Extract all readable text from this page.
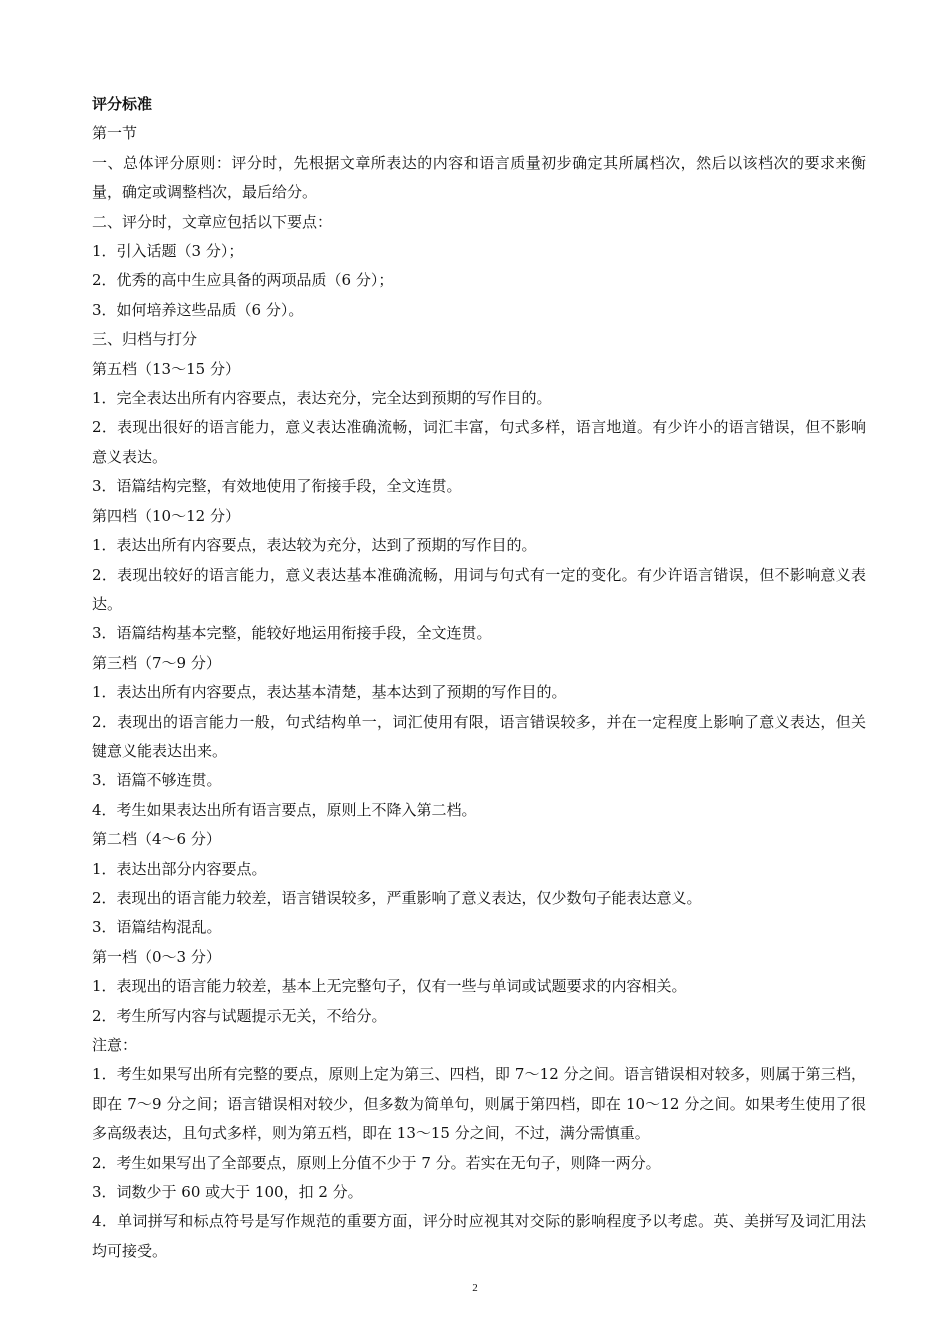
评分标准
第一节
一、总体评分原则：评分时，先根据文章所表达的内容和语言质量初步确定其所属档次，然后以该档次的要求来衡量，确定或调整档次，最后给分。
二、评分时，文章应包括以下要点：
1．引入话题（3 分）；
2．优秀的高中生应具备的两项品质（6 分）；
3．如何培养这些品质（6 分）。
三、归档与打分
第五档（13～15 分）
1．完全表达出所有内容要点，表达充分，完全达到预期的写作目的。
2．表现出很好的语言能力，意义表达准确流畅，词汇丰富，句式多样，语言地道。有少许小的语言错误，但不影响意义表达。
3．语篇结构完整，有效地使用了衔接手段，全文连贯。
第四档（10～12 分）
1．表达出所有内容要点，表达较为充分，达到了预期的写作目的。
2．表现出较好的语言能力，意义表达基本准确流畅，用词与句式有一定的变化。有少许语言错误，但不影响意义表达。
3．语篇结构基本完整，能较好地运用衔接手段，全文连贯。
第三档（7～9 分）
1．表达出所有内容要点，表达基本清楚，基本达到了预期的写作目的。
2．表现出的语言能力一般，句式结构单一，词汇使用有限，语言错误较多，并在一定程度上影响了意义表达，但关键意义能表达出来。
3．语篇不够连贯。
4．考生如果表达出所有语言要点，原则上不降入第二档。
第二档（4～6 分）
1．表达出部分内容要点。
2．表现出的语言能力较差，语言错误较多，严重影响了意义表达，仅少数句子能表达意义。
3．语篇结构混乱。
第一档（0～3 分）
1．表现出的语言能力较差，基本上无完整句子，仅有一些与单词或试题要求的内容相关。
2．考生所写内容与试题提示无关，不给分。
注意：
1．考生如果写出所有完整的要点，原则上定为第三、四档，即 7～12 分之间。语言错误相对较多，则属于第三档，即在 7～9 分之间；语言错误相对较少，但多数为简单句，则属于第四档，即在 10～12 分之间。如果考生使用了很多高级表达，且句式多样，则为第五档，即在 13～15 分之间，不过，满分需慎重。
2．考生如果写出了全部要点，原则上分值不少于 7 分。若实在无句子，则降一两分。
3．词数少于 60 或大于 100，扣 2 分。
4．单词拼写和标点符号是写作规范的重要方面，评分时应视其对交际的影响程度予以考虑。英、美拼写及词汇用法均可接受。
2
